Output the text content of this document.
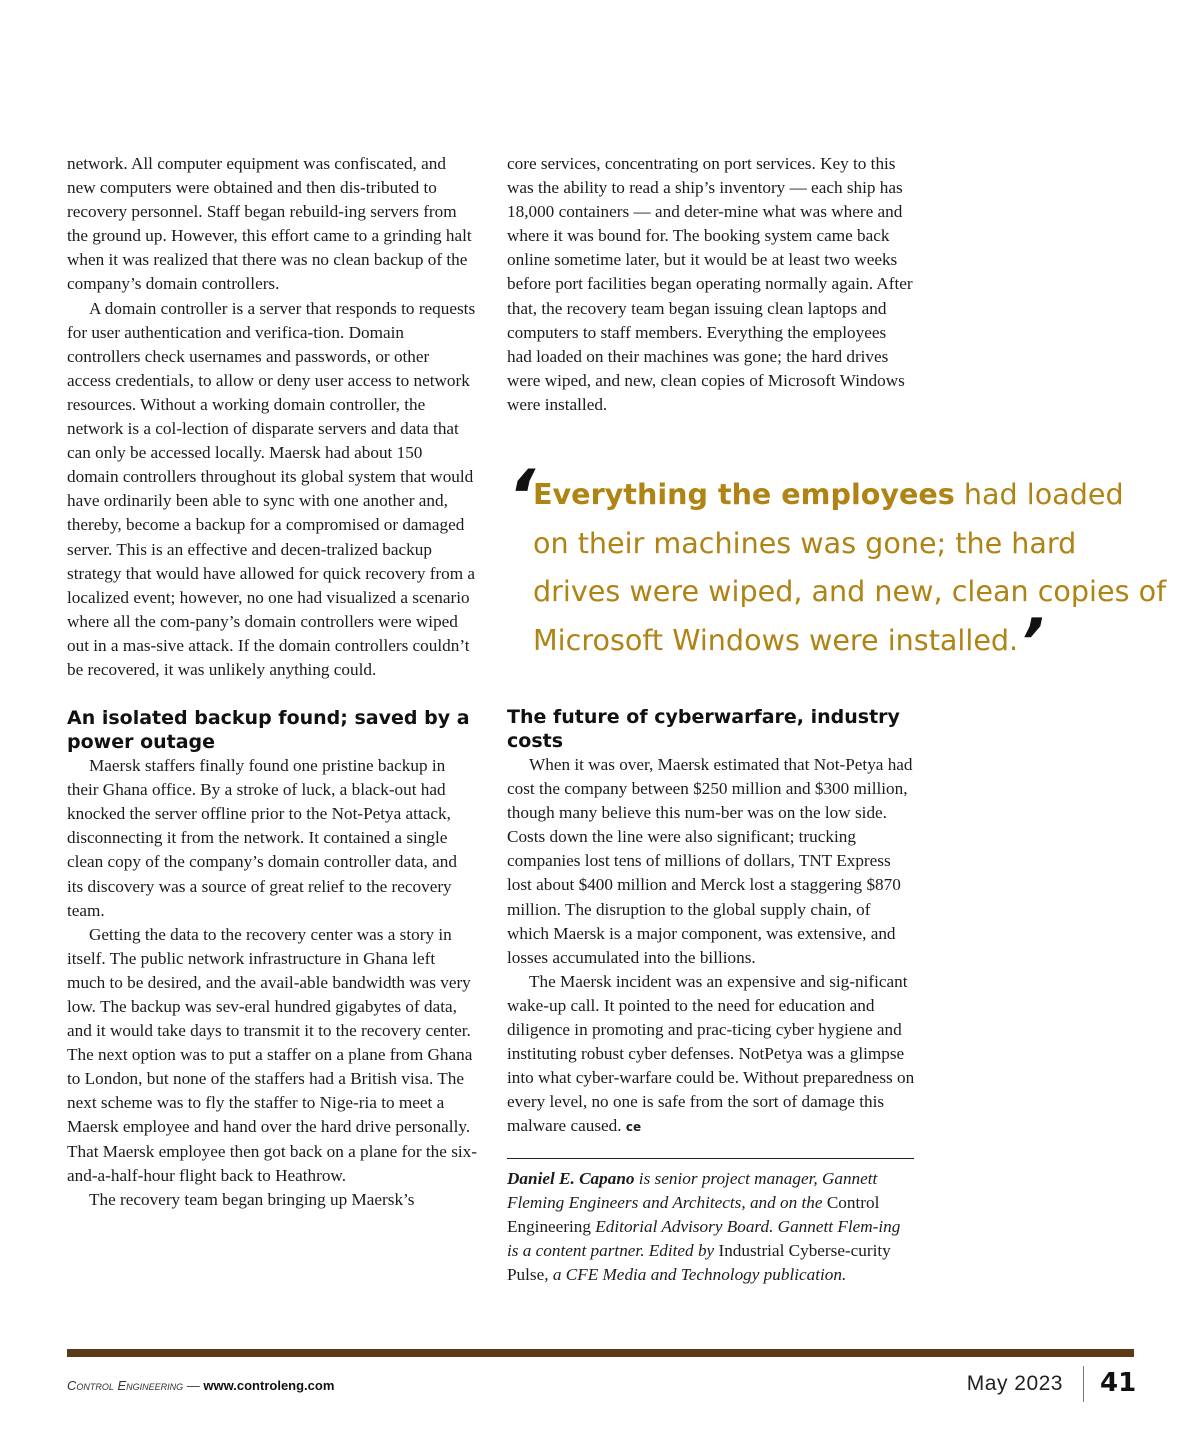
network. All computer equipment was confiscated, and new computers were obtained and then dis-tributed to recovery personnel. Staff began rebuild-ing servers from the ground up. However, this effort came to a grinding halt when it was realized that there was no clean backup of the company’s domain controllers.

A domain controller is a server that responds to requests for user authentication and verifica-tion. Domain controllers check usernames and passwords, or other access credentials, to allow or deny user access to network resources. Without a working domain controller, the network is a col-lection of disparate servers and data that can only be accessed locally. Maersk had about 150 domain controllers throughout its global system that would have ordinarily been able to sync with one another and, thereby, become a backup for a compromised or damaged server. This is an effective and decen-tralized backup strategy that would have allowed for quick recovery from a localized event; however, no one had visualized a scenario where all the com-pany’s domain controllers were wiped out in a mas-sive attack. If the domain controllers couldn’t be recovered, it was unlikely anything could.

An isolated backup found; saved by a power outage

Maersk staffers finally found one pristine backup in their Ghana office. By a stroke of luck, a black-out had knocked the server offline prior to the Not-Petya attack, disconnecting it from the network. It contained a single clean copy of the company’s domain controller data, and its discovery was a source of great relief to the recovery team.

Getting the data to the recovery center was a story in itself. The public network infrastructure in Ghana left much to be desired, and the avail-able bandwidth was very low. The backup was sev-eral hundred gigabytes of data, and it would take days to transmit it to the recovery center. The next option was to put a staffer on a plane from Ghana to London, but none of the staffers had a British visa. The next scheme was to fly the staffer to Nige-ria to meet a Maersk employee and hand over the hard drive personally. That Maersk employee then got back on a plane for the six-and-a-half-hour flight back to Heathrow.

The recovery team began bringing up Maersk’s

core services, concentrating on port services. Key to this was the ability to read a ship’s inventory — each ship has 18,000 containers — and deter-mine what was where and where it was bound for. The booking system came back online sometime later, but it would be at least two weeks before port facilities began operating normally again. After that, the recovery team began issuing clean laptops and computers to staff members. Everything the employees had loaded on their machines was gone; the hard drives were wiped, and new, clean copies of Microsoft Windows were installed.

‘

Everything the employees had loaded on their machines was gone; the hard drives were wiped, and new, clean copies of Microsoft Windows were installed.’

The future of cyberwarfare, industry costs

When it was over, Maersk estimated that Not-Petya had cost the company between $250 million and $300 million, though many believe this num-ber was on the low side. Costs down the line were also significant; trucking companies lost tens of millions of dollars, TNT Express lost about $400 million and Merck lost a staggering $870 million. The disruption to the global supply chain, of which Maersk is a major component, was extensive, and losses accumulated into the billions.

The Maersk incident was an expensive and sig-nificant wake-up call. It pointed to the need for education and diligence in promoting and prac-ticing cyber hygiene and instituting robust cyber defenses. NotPetya was a glimpse into what cyber-warfare could be. Without preparedness on every level, no one is safe from the sort of damage this malware caused. ce

Daniel E. Capano is senior project manager, Gannett Fleming Engineers and Architects, and on the Control Engineering Editorial Advisory Board. Gannett Flem-ing is a content partner. Edited by Industrial Cyberse-curity Pulse, a CFE Media and Technology publication.

Control Engineering — www.controleng.com	May 2023 41
